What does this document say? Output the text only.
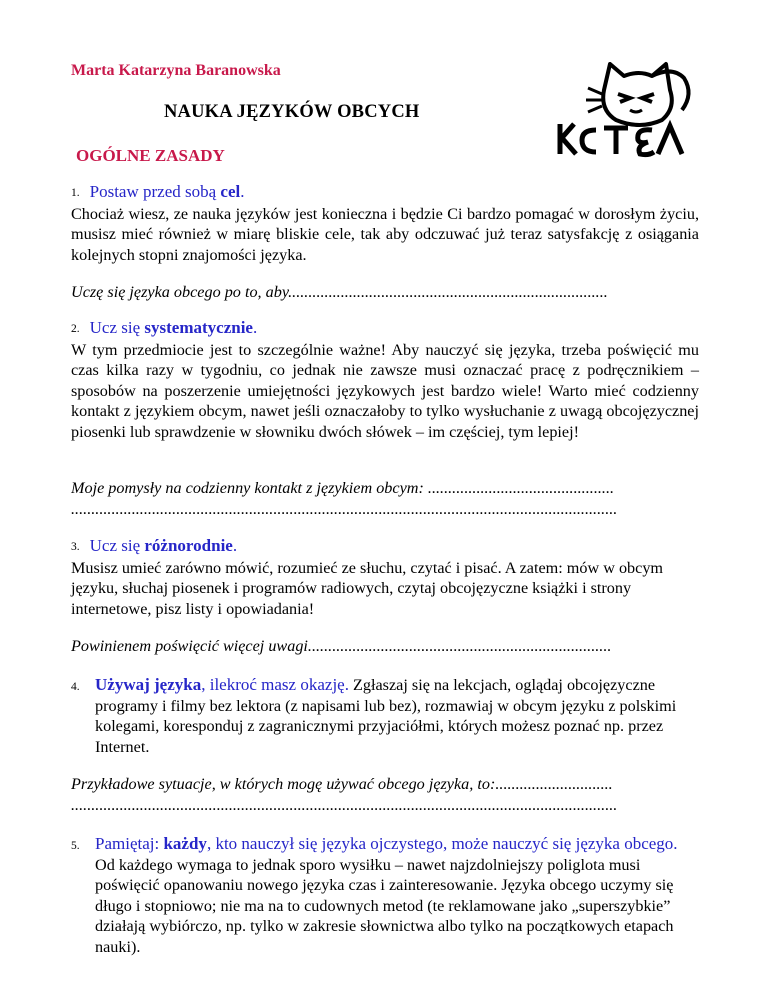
Marta Katarzyna Baranowska
NAUKA JĘZYKÓW OBCYCH
OGÓLNE ZASADY
1. Postaw przed sobą cel.
Chociaż wiesz, ze nauka języków jest konieczna i będzie Ci bardzo pomagać w dorosłym życiu, musisz mieć również w miarę bliskie cele, tak aby odczuwać już teraz satysfakcję z osiągania kolejnych stopni znajomości języka.
Uczę się języka obcego po to, aby...............................................................................
2. Ucz się systematycznie.
W tym przedmiocie jest to szczególnie ważne! Aby nauczyć się języka, trzeba poświęcić mu czas kilka razy w tygodniu, co jednak nie zawsze musi oznaczać pracę z podręcznikiem – sposobów na poszerzenie umiejętności językowych jest bardzo wiele! Warto mieć codzienny kontakt z językiem obcym, nawet jeśli oznaczałoby to tylko wysłuchanie z uwagą obcojęzycznej piosenki lub sprawdzenie w słowniku dwóch słówek – im częściej, tym lepiej!
Moje pomysły na codzienny kontakt z językiem obcym: ..............................................
.......................................................................................................................................
3. Ucz się różnorodnie.
Musisz umieć zarówno mówić, rozumieć ze słuchu, czytać i pisać. A zatem: mów w obcym języku, słuchaj piosenek i programów radiowych, czytaj obcojęzyczne książki i strony internetowe, pisz listy i opowiadania!
Powinienem poświęcić więcej uwagi...........................................................................
4. Używaj języka, ilekroć masz okazję. Zgłaszaj się na lekcjach, oglądaj obcojęzyczne programy i filmy bez lektora (z napisami lub bez), rozmawiaj w obcym języku z polskimi kolegami, koresponduj z zagranicznymi przyjaciółmi, których możesz poznać np. przez Internet.
Przykładowe sytuacje, w których mogę używać obcego języka, to:.............................
.......................................................................................................................................
5. Pamiętaj: każdy, kto nauczył się języka ojczystego, może nauczyć się języka obcego. Od każdego wymaga to jednak sporo wysiłku – nawet najzdolniejszy poliglota musi poświęcić opanowaniu nowego języka czas i zainteresowanie. Języka obcego uczymy się długo i stopniowo; nie ma na to cudownych metod (te reklamowane jako „superszybkie” działają wybiórczo, np. tylko w zakresie słownictwa albo tylko na początkowych etapach nauki).
